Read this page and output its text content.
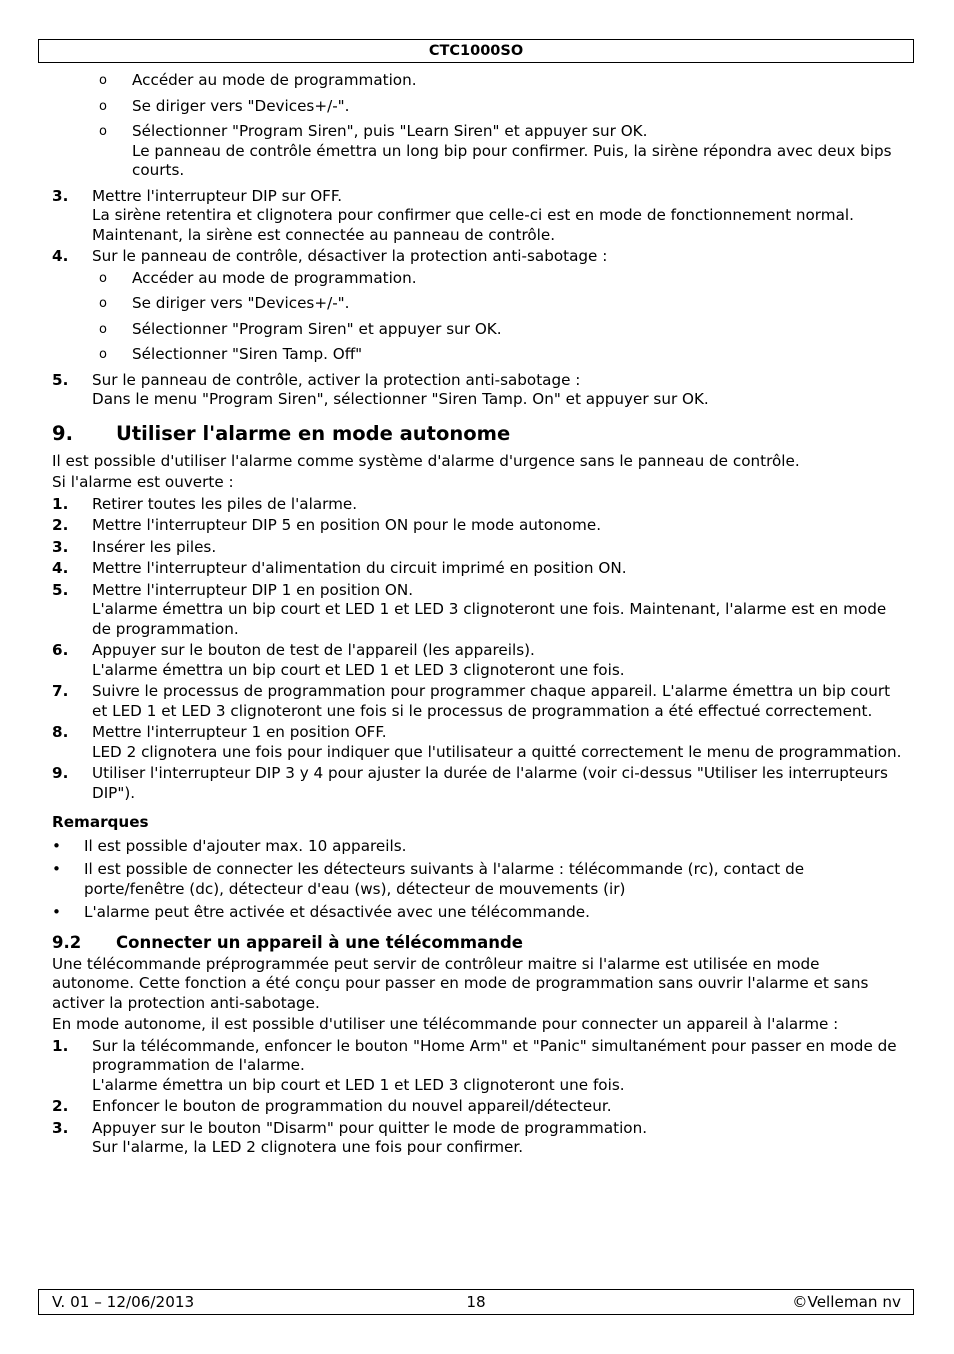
CTC1000SO
o	Accéder au mode de programmation.
o	Se diriger vers "Devices+/-".
o	Sélectionner "Program Siren", puis "Learn Siren" et appuyer sur OK.
Le panneau de contrôle émettra un long bip pour confirmer. Puis, la sirène répondra avec deux bips courts.
3.	Mettre l'interrupteur DIP sur OFF.
La sirène retentira et clignotera pour confirmer que celle-ci est en mode de fonctionnement normal. Maintenant, la sirène est connectée au panneau de contrôle.
4.	Sur le panneau de contrôle, désactiver la protection anti-sabotage :
o	Accéder au mode de programmation.
o	Se diriger vers "Devices+/-".
o	Sélectionner "Program Siren" et appuyer sur OK.
o	Sélectionner "Siren Tamp. Off"
5.	Sur le panneau de contrôle, activer la protection anti-sabotage :
Dans le menu "Program Siren", sélectionner "Siren Tamp. On" et appuyer sur OK.
9.	Utiliser l'alarme en mode autonome

Il est possible d'utiliser l'alarme comme système d'alarme d'urgence sans le panneau de contrôle.

Si l'alarme est ouverte :

1.	Retirer toutes les piles de l'alarme.
2.	Mettre l'interrupteur DIP 5 en position ON pour le mode autonome.
3.	Insérer les piles.
4.	Mettre l'interrupteur d'alimentation du circuit imprimé en position ON.
5.	Mettre l'interrupteur DIP 1 en position ON.
L'alarme émettra un bip court et LED 1 et LED 3 clignoteront une fois. Maintenant, l'alarme est en mode de programmation.
6.	Appuyer sur le bouton de test de l'appareil (les appareils).
L'alarme émettra un bip court et LED 1 et LED 3 clignoteront une fois.
7.	Suivre le processus de programmation pour programmer chaque appareil. L'alarme émettra un bip court et LED 1 et LED 3 clignoteront une fois si le processus de programmation a été effectué correctement.
8.	Mettre l'interrupteur 1 en position OFF.
LED 2 clignotera une fois pour indiquer que l'utilisateur a quitté correctement le menu de programmation.
9.	Utiliser l'interrupteur DIP 3 y 4 pour ajuster la durée de l'alarme (voir ci-dessus "Utiliser les interrupteurs DIP").
Remarques
•	Il est possible d'ajouter max. 10 appareils.
•	Il est possible de connecter les détecteurs suivants à l'alarme : télécommande (rc), contact de porte/fenêtre (dc), détecteur d'eau (ws), détecteur de mouvements (ir)
•	L'alarme peut être activée et désactivée avec une télécommande.
9.2	Connecter un appareil à une télécommande

Une télécommande préprogrammée peut servir de contrôleur maitre si l'alarme est utilisée en mode autonome. Cette fonction a été conçu pour passer en mode de programmation sans ouvrir l'alarme et sans activer la protection anti-sabotage.

En mode autonome, il est possible d'utiliser une télécommande pour connecter un appareil à l'alarme :

1.	Sur la télécommande, enfoncer le bouton "Home Arm" et "Panic" simultanément pour passer en mode de programmation de l'alarme.
L'alarme émettra un bip court et LED 1 et LED 3 clignoteront une fois.
2.	Enfoncer le bouton de programmation du nouvel appareil/détecteur.
3.	Appuyer sur le bouton "Disarm" pour quitter le mode de programmation.
Sur l'alarme, la LED 2 clignotera une fois pour confirmer.
V. 01 – 12/06/2013	18	©Velleman nv
